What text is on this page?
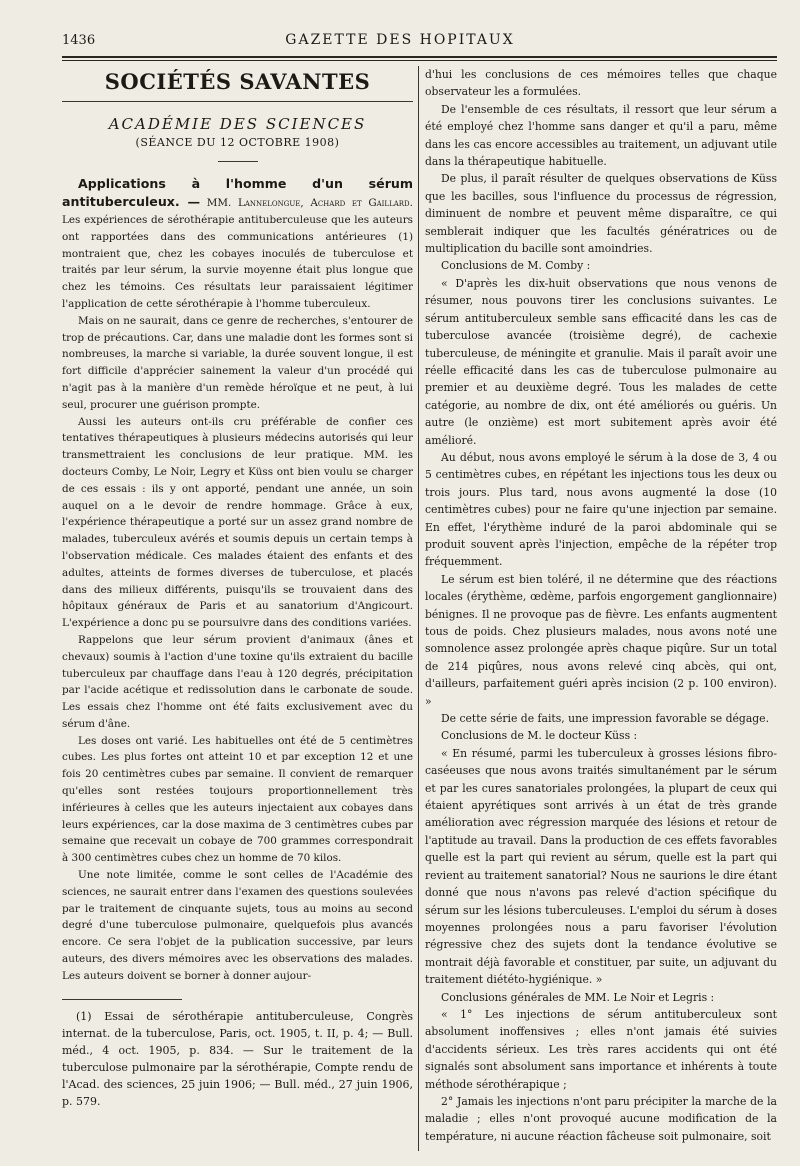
1436	GAZETTE DES HOPITAUX
SOCIÉTÉS SAVANTES
ACADÉMIE DES SCIENCES
(SÉANCE DU 12 OCTOBRE 1908)

Applications à l'homme d'un sérum antituberculeux. — MM. Lannelongue, Achard et Gaillard. Les expériences de sérothérapie antituberculeuse que les auteurs ont rapportées dans des communications antérieures (1) montraient que, chez les cobayes inoculés de tuberculose et traités par leur sérum, la survie moyenne était plus longue que chez les témoins. Ces résultats leur paraissaient légitimer l'application de cette sérothérapie à l'homme tuberculeux.

Mais on ne saurait, dans ce genre de recherches, s'entourer de trop de précautions. Car, dans une maladie dont les formes sont si nombreuses, la marche si variable, la durée souvent longue, il est fort difficile d'apprécier sainement la valeur d'un procédé qui n'agit pas à la manière d'un remède héroïque et ne peut, à lui seul, procurer une guérison prompte.

Aussi les auteurs ont-ils cru préférable de confier ces tentatives thérapeutiques à plusieurs médecins autorisés qui leur transmettraient les conclusions de leur pratique. MM. les docteurs Comby, Le Noir, Legry et Küss ont bien voulu se charger de ces essais : ils y ont apporté, pendant une année, un soin auquel on a le devoir de rendre hommage. Grâce à eux, l'expérience thérapeutique a porté sur un assez grand nombre de malades, tuberculeux avérés et soumis depuis un certain temps à l'observation médicale. Ces malades étaient des enfants et des adultes, atteints de formes diverses de tuberculose, et placés dans des milieux différents, puisqu'ils se trouvaient dans des hôpitaux généraux de Paris et au sanatorium d'Angicourt. L'expérience a donc pu se poursuivre dans des conditions variées.

Rappelons que leur sérum provient d'animaux (ânes et chevaux) soumis à l'action d'une toxine qu'ils extraient du bacille tuberculeux par chauffage dans l'eau à 120 degrés, précipitation par l'acide acétique et redissolution dans le carbonate de soude. Les essais chez l'homme ont été faits exclusivement avec du sérum d'âne.

Les doses ont varié. Les habituelles ont été de 5 centimètres cubes. Les plus fortes ont atteint 10 et par exception 12 et une fois 20 centimètres cubes par semaine. Il convient de remarquer qu'elles sont restées toujours proportionnellement très inférieures à celles que les auteurs injectaient aux cobayes dans leurs expériences, car la dose maxima de 3 centimètres cubes par semaine que recevait un cobaye de 700 grammes correspondrait à 300 centimètres cubes chez un homme de 70 kilos.

Une note limitée, comme le sont celles de l'Académie des sciences, ne saurait entrer dans l'examen des questions soulevées par le traitement de cinquante sujets, tous au moins au second degré d'une tuberculose pulmonaire, quelquefois plus avancés encore. Ce sera l'objet de la publication successive, par leurs auteurs, des divers mémoires avec les observations des malades. Les auteurs doivent se borner à donner aujour-

(1) Essai de sérothérapie antituberculeuse, Congrès internat. de la tuberculose, Paris, oct. 1905, t. II, p. 4; — Bull. méd., 4 oct. 1905, p. 834. — Sur le traitement de la tuberculose pulmonaire par la sérothérapie, Compte rendu de l'Acad. des sciences, 25 juin 1906; — Bull. méd., 27 juin 1906, p. 579.

d'hui les conclusions de ces mémoires telles que chaque observateur les a formulées.

De l'ensemble de ces résultats, il ressort que leur sérum a été employé chez l'homme sans danger et qu'il a paru, même dans les cas encore accessibles au traitement, un adjuvant utile dans la thérapeutique habituelle.

De plus, il paraît résulter de quelques observations de Küss que les bacilles, sous l'influence du processus de régression, diminuent de nombre et peuvent même disparaître, ce qui semblerait indiquer que les facultés génératrices ou de multiplication du bacille sont amoindries.

Conclusions de M. Comby :

« D'après les dix-huit observations que nous venons de résumer, nous pouvons tirer les conclusions suivantes. Le sérum antituberculeux semble sans efficacité dans les cas de tuberculose avancée (troisième degré), de cachexie tuberculeuse, de méningite et granulie. Mais il paraît avoir une réelle efficacité dans les cas de tuberculose pulmonaire au premier et au deuxième degré. Tous les malades de cette catégorie, au nombre de dix, ont été améliorés ou guéris. Un autre (le onzième) est mort subitement après avoir été amélioré.

Au début, nous avons employé le sérum à la dose de 3, 4 ou 5 centimètres cubes, en répétant les injections tous les deux ou trois jours. Plus tard, nous avons augmenté la dose (10 centimètres cubes) pour ne faire qu'une injection par semaine. En effet, l'érythème induré de la paroi abdominale qui se produit souvent après l'injection, empêche de la répéter trop fréquemment.

Le sérum est bien toléré, il ne détermine que des réactions locales (érythème, œdème, parfois engorgement ganglionnaire) bénignes. Il ne provoque pas de fièvre. Les enfants augmentent tous de poids. Chez plusieurs malades, nous avons noté une somnolence assez prolongée après chaque piqûre. Sur un total de 214 piqûres, nous avons relevé cinq abcès, qui ont, d'ailleurs, parfaitement guéri après incision (2 p. 100 environ). »

De cette série de faits, une impression favorable se dégage.

Conclusions de M. le docteur Küss :

« En résumé, parmi les tuberculeux à grosses lésions fibro-caséeuses que nous avons traités simultanément par le sérum et par les cures sanatoriales prolongées, la plupart de ceux qui étaient apyrétiques sont arrivés à un état de très grande amélioration avec régression marquée des lésions et retour de l'aptitude au travail. Dans la production de ces effets favorables quelle est la part qui revient au sérum, quelle est la part qui revient au traitement sanatorial? Nous ne saurions le dire étant donné que nous n'avons pas relevé d'action spécifique du sérum sur les lésions tuberculeuses. L'emploi du sérum à doses moyennes prolongées nous a paru favoriser l'évolution régressive chez des sujets dont la tendance évolutive se montrait déjà favorable et constituer, par suite, un adjuvant du traitement diététo-hygiénique. »

Conclusions générales de MM. Le Noir et Legris :

« 1° Les injections de sérum antituberculeux sont absolument inoffensives ; elles n'ont jamais été suivies d'accidents sérieux. Les très rares accidents qui ont été signalés sont absolument sans importance et inhérents à toute méthode sérothérapique ;

2° Jamais les injections n'ont paru précipiter la marche de la maladie ; elles n'ont provoqué aucune modification de la température, ni aucune réaction fâcheuse soit pulmonaire, soit
